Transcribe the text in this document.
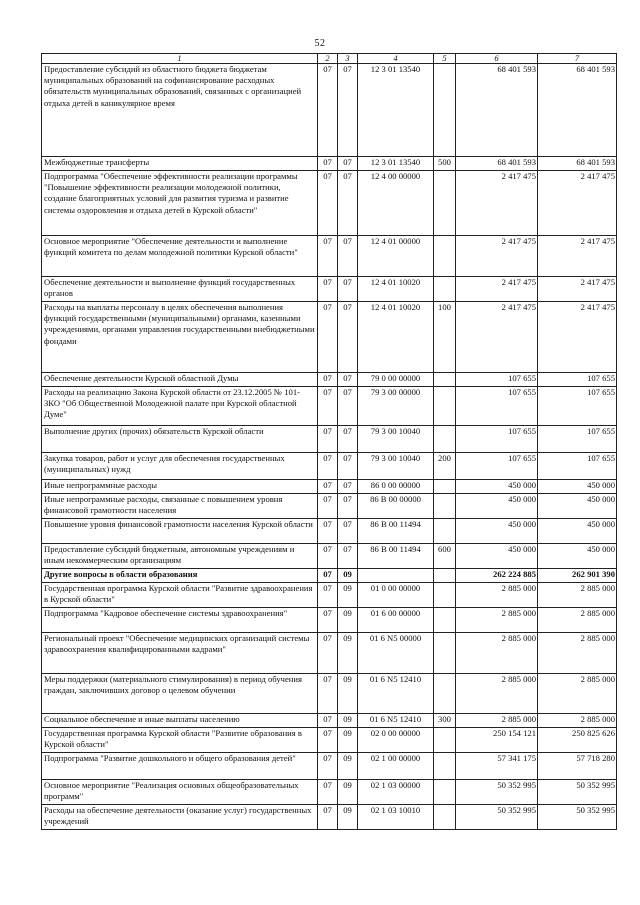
52
1	2	3	4	5	6	7
Предоставление субсидий из областного бюджета бюджетам муниципальных образований на софинансирование расходных обязательств муниципальных образований, связанных с организацией отдыха детей в каникулярное время	07	07	12 3 01 13540		68 401 593	68 401 593
Межбюджетные трансферты	07	07	12 3 01 13540	500	68 401 593	68 401 593
Подпрограмма "Обеспечение эффективности реализации программы "Повышение эффективности реализации молодежной политики, создание благоприятных условий для развития туризма и развитие системы оздоровления и отдыха детей в Курской области"	07	07	12 4 00 00000		2 417 475	2 417 475
Основное мероприятие "Обеспечение деятельности и выполнение функций комитета по делам молодежной политики Курской области"	07	07	12 4 01 00000		2 417 475	2 417 475
Обеспечение деятельности и выполнение функций государственных органов	07	07	12 4 01 10020		2 417 475	2 417 475
Расходы на выплаты персоналу в целях обеспечения выполнения функций государственными (муниципальными) органами, казенными учреждениями, органами управления государственными внебюджетными фондами	07	07	12 4 01 10020	100	2 417 475	2 417 475
Обеспечение деятельности Курской областной Думы	07	07	79 0 00 00000		107 655	107 655
Расходы на реализацию Закона Курской области от 23.12.2005 № 101-ЗКО "Об Общественной Молодежной палате при Курской областной Думе"	07	07	79 3 00 00000		107 655	107 655
Выполнение других (прочих) обязательств Курской области	07	07	79 3 00 10040		107 655	107 655
Закупка товаров, работ и услуг для обеспечения государственных (муниципальных) нужд	07	07	79 3 00 10040	200	107 655	107 655
Иные непрограммные расходы	07	07	86 0 00 00000		450 000	450 000
Иные непрограммные расходы, связанные с повышением уровня финансовой грамотности населения	07	07	86 В 00 00000		450 000	450 000
Повышение уровня финансовой грамотности населения Курской области	07	07	86 В 00 11494		450 000	450 000
Предоставление субсидий бюджетным, автономным учреждениям и иным некоммерческим организациям	07	07	86 В 00 11494	600	450 000	450 000
Другие вопросы в области образования	07	09			262 224 885	262 901 390
Государственная программа Курской области "Развитие здравоохранения в Курской области"	07	09	01 0 00 00000		2 885 000	2 885 000
Подпрограмма "Кадровое обеспечение системы здравоохранения"	07	09	01 6 00 00000		2 885 000	2 885 000
Региональный проект "Обеспечение медицинских организаций системы здравоохранения квалифицированными кадрами"	07	09	01 6 N5 00000		2 885 000	2 885 000
Меры поддержки (материального стимулирования) в период обучения граждан, заключивших договор о целевом обучении	07	09	01 6 N5 12410		2 885 000	2 885 000
Социальное обеспечение и иные выплаты населению	07	09	01 6 N5 12410	300	2 885 000	2 885 000
Государственная программа Курской области "Развитие образования в Курской области"	07	09	02 0 00 00000		250 154 121	250 825 626
Подпрограмма "Развитие дошкольного и общего образования детей"	07	09	02 1 00 00000		57 341 175	57 718 280
Основное мероприятие "Реализация основных общеобразовательных программ"	07	09	02 1 03 00000		50 352 995	50 352 995
Расходы на обеспечение деятельности (оказание услуг) государственных учреждений	07	09	02 1 03 10010		50 352 995	50 352 995
